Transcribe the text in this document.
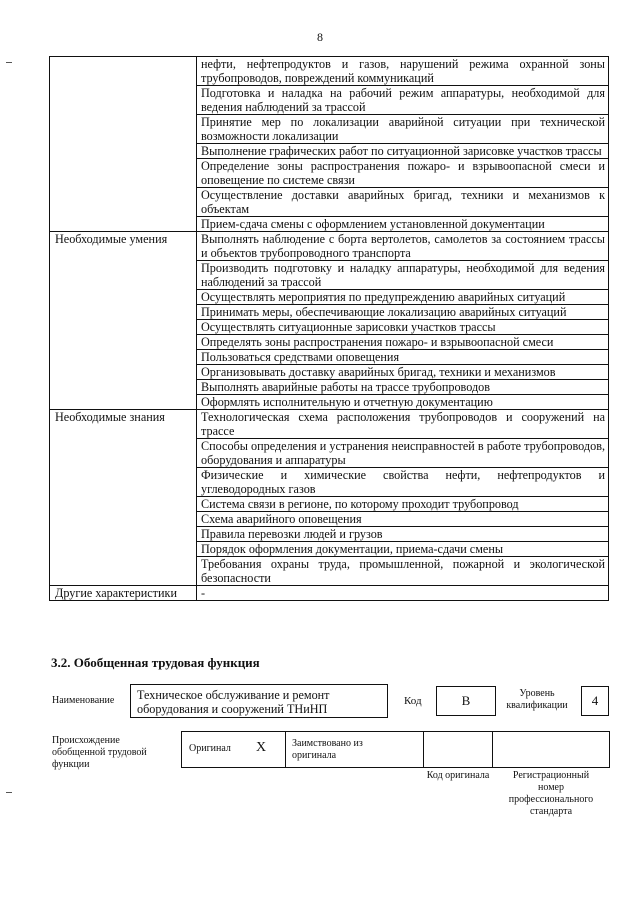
8
	нефти, нефтепродуктов и газов, нарушений режима охранной зоны трубопроводов, повреждений коммуникаций
	Подготовка и наладка на рабочий режим аппаратуры, необходимой для ведения наблюдений за трассой
	Принятие мер по локализации аварийной ситуации при технической возможности локализации
	Выполнение графических работ по ситуационной зарисовке участков трассы
	Определение зоны распространения пожаро- и взрывоопасной смеси и оповещение по системе связи
	Осуществление доставки аварийных бригад, техники и механизмов к объектам
	Прием-сдача смены с оформлением установленной документации
Необходимые умения	Выполнять наблюдение с борта вертолетов, самолетов за состоянием трассы и объектов трубопроводного транспорта
	Производить подготовку и наладку аппаратуры, необходимой для ведения наблюдений за трассой
	Осуществлять мероприятия по предупреждению аварийных ситуаций
	Принимать меры, обеспечивающие локализацию аварийных ситуаций
	Осуществлять ситуационные зарисовки участков трассы
	Определять зоны распространения пожаро- и взрывоопасной смеси
	Пользоваться средствами оповещения
	Организовывать доставку аварийных бригад, техники и механизмов
	Выполнять аварийные работы на трассе трубопроводов
	Оформлять исполнительную и отчетную документацию
Необходимые знания	Технологическая схема расположения трубопроводов и сооружений на трассе
	Способы определения и устранения неисправностей в работе трубопроводов, оборудования и аппаратуры
	Физические и химические свойства нефти, нефтепродуктов и углеводородных газов
	Система связи в регионе, по которому проходит трубопровод
	Схема аварийного оповещения
	Правила перевозки людей и грузов
	Порядок оформления документации, приема-сдачи смены
	Требования охраны труда, промышленной, пожарной и экологической безопасности
Другие характеристики	-
3.2. Обобщенная трудовая функция
Наименование	Техническое обслуживание и ремонт оборудования и сооружений ТНиНП
Код	В	Уровень квалификации	4
Происхождение обобщенной трудовой функции
Оригинал X	Заимствовано из оригинала
Код оригинала	Регистрационный номер профессионального стандарта
